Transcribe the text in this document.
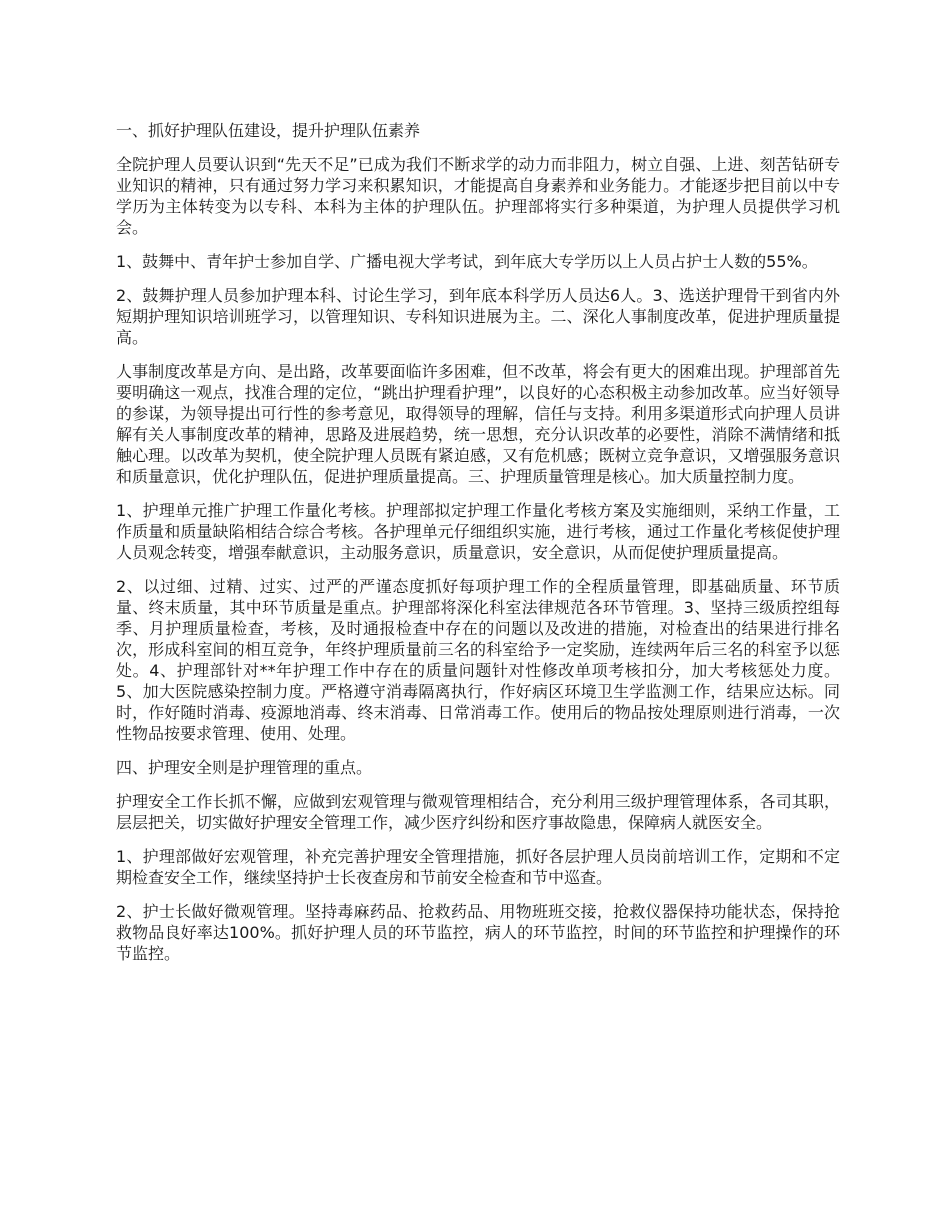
一、抓好护理队伍建设，提升护理队伍素养

全院护理人员要认识到“先天不足”已成为我们不断求学的动力而非阻力，树立自强、上进、刻苦钻研专业知识的精神，只有通过努力学习来积累知识，才能提高自身素养和业务能力。才能逐步把目前以中专学历为主体转变为以专科、本科为主体的护理队伍。护理部将实行多种渠道，为护理人员提供学习机会。

1、鼓舞中、青年护士参加自学、广播电视大学考试，到年底大专学历以上人员占护士人数的55%。

2、鼓舞护理人员参加护理本科、讨论生学习，到年底本科学历人员达6人。3、选送护理骨干到省内外短期护理知识培训班学习，以管理知识、专科知识进展为主。二、深化人事制度改革，促进护理质量提高。

人事制度改革是方向、是出路，改革要面临许多困难，但不改革，将会有更大的困难出现。护理部首先要明确这一观点，找准合理的定位，“跳出护理看护理”，以良好的心态积极主动参加改革。应当好领导的参谋，为领导提出可行性的参考意见，取得领导的理解，信任与支持。利用多渠道形式向护理人员讲解有关人事制度改革的精神，思路及进展趋势，统一思想，充分认识改革的必要性，消除不满情绪和抵触心理。以改革为契机，使全院护理人员既有紧迫感，又有危机感；既树立竞争意识，又增强服务意识和质量意识，优化护理队伍，促进护理质量提高。三、护理质量管理是核心。加大质量控制力度。

1、护理单元推广护理工作量化考核。护理部拟定护理工作量化考核方案及实施细则，采纳工作量，工作质量和质量缺陷相结合综合考核。各护理单元仔细组织实施，进行考核，通过工作量化考核促使护理人员观念转变，增强奉献意识，主动服务意识，质量意识，安全意识，从而促使护理质量提高。

2、以过细、过精、过实、过严的严谨态度抓好每项护理工作的全程质量管理，即基础质量、环节质量、终末质量，其中环节质量是重点。护理部将深化科室法律规范各环节管理。3、坚持三级质控组每季、月护理质量检查，考核，及时通报检查中存在的问题以及改进的措施，对检查出的结果进行排名次，形成科室间的相互竞争，年终护理质量前三名的科室给予一定奖励，连续两年后三名的科室予以惩处。4、护理部针对**年护理工作中存在的质量问题针对性修改单项考核扣分，加大考核惩处力度。5、加大医院感染控制力度。严格遵守消毒隔离执行，作好病区环境卫生学监测工作，结果应达标。同时，作好随时消毒、疫源地消毒、终末消毒、日常消毒工作。使用后的物品按处理原则进行消毒，一次性物品按要求管理、使用、处理。

四、护理安全则是护理管理的重点。

护理安全工作长抓不懈，应做到宏观管理与微观管理相结合，充分利用三级护理管理体系，各司其职，层层把关，切实做好护理安全管理工作，减少医疗纠纷和医疗事故隐患，保障病人就医安全。

1、护理部做好宏观管理，补充完善护理安全管理措施，抓好各层护理人员岗前培训工作，定期和不定期检查安全工作，继续坚持护士长夜查房和节前安全检查和节中巡查。

2、护士长做好微观管理。坚持毒麻药品、抢救药品、用物班班交接，抢救仪器保持功能状态，保持抢救物品良好率达100%。抓好护理人员的环节监控，病人的环节监控，时间的环节监控和护理操作的环节监控。
